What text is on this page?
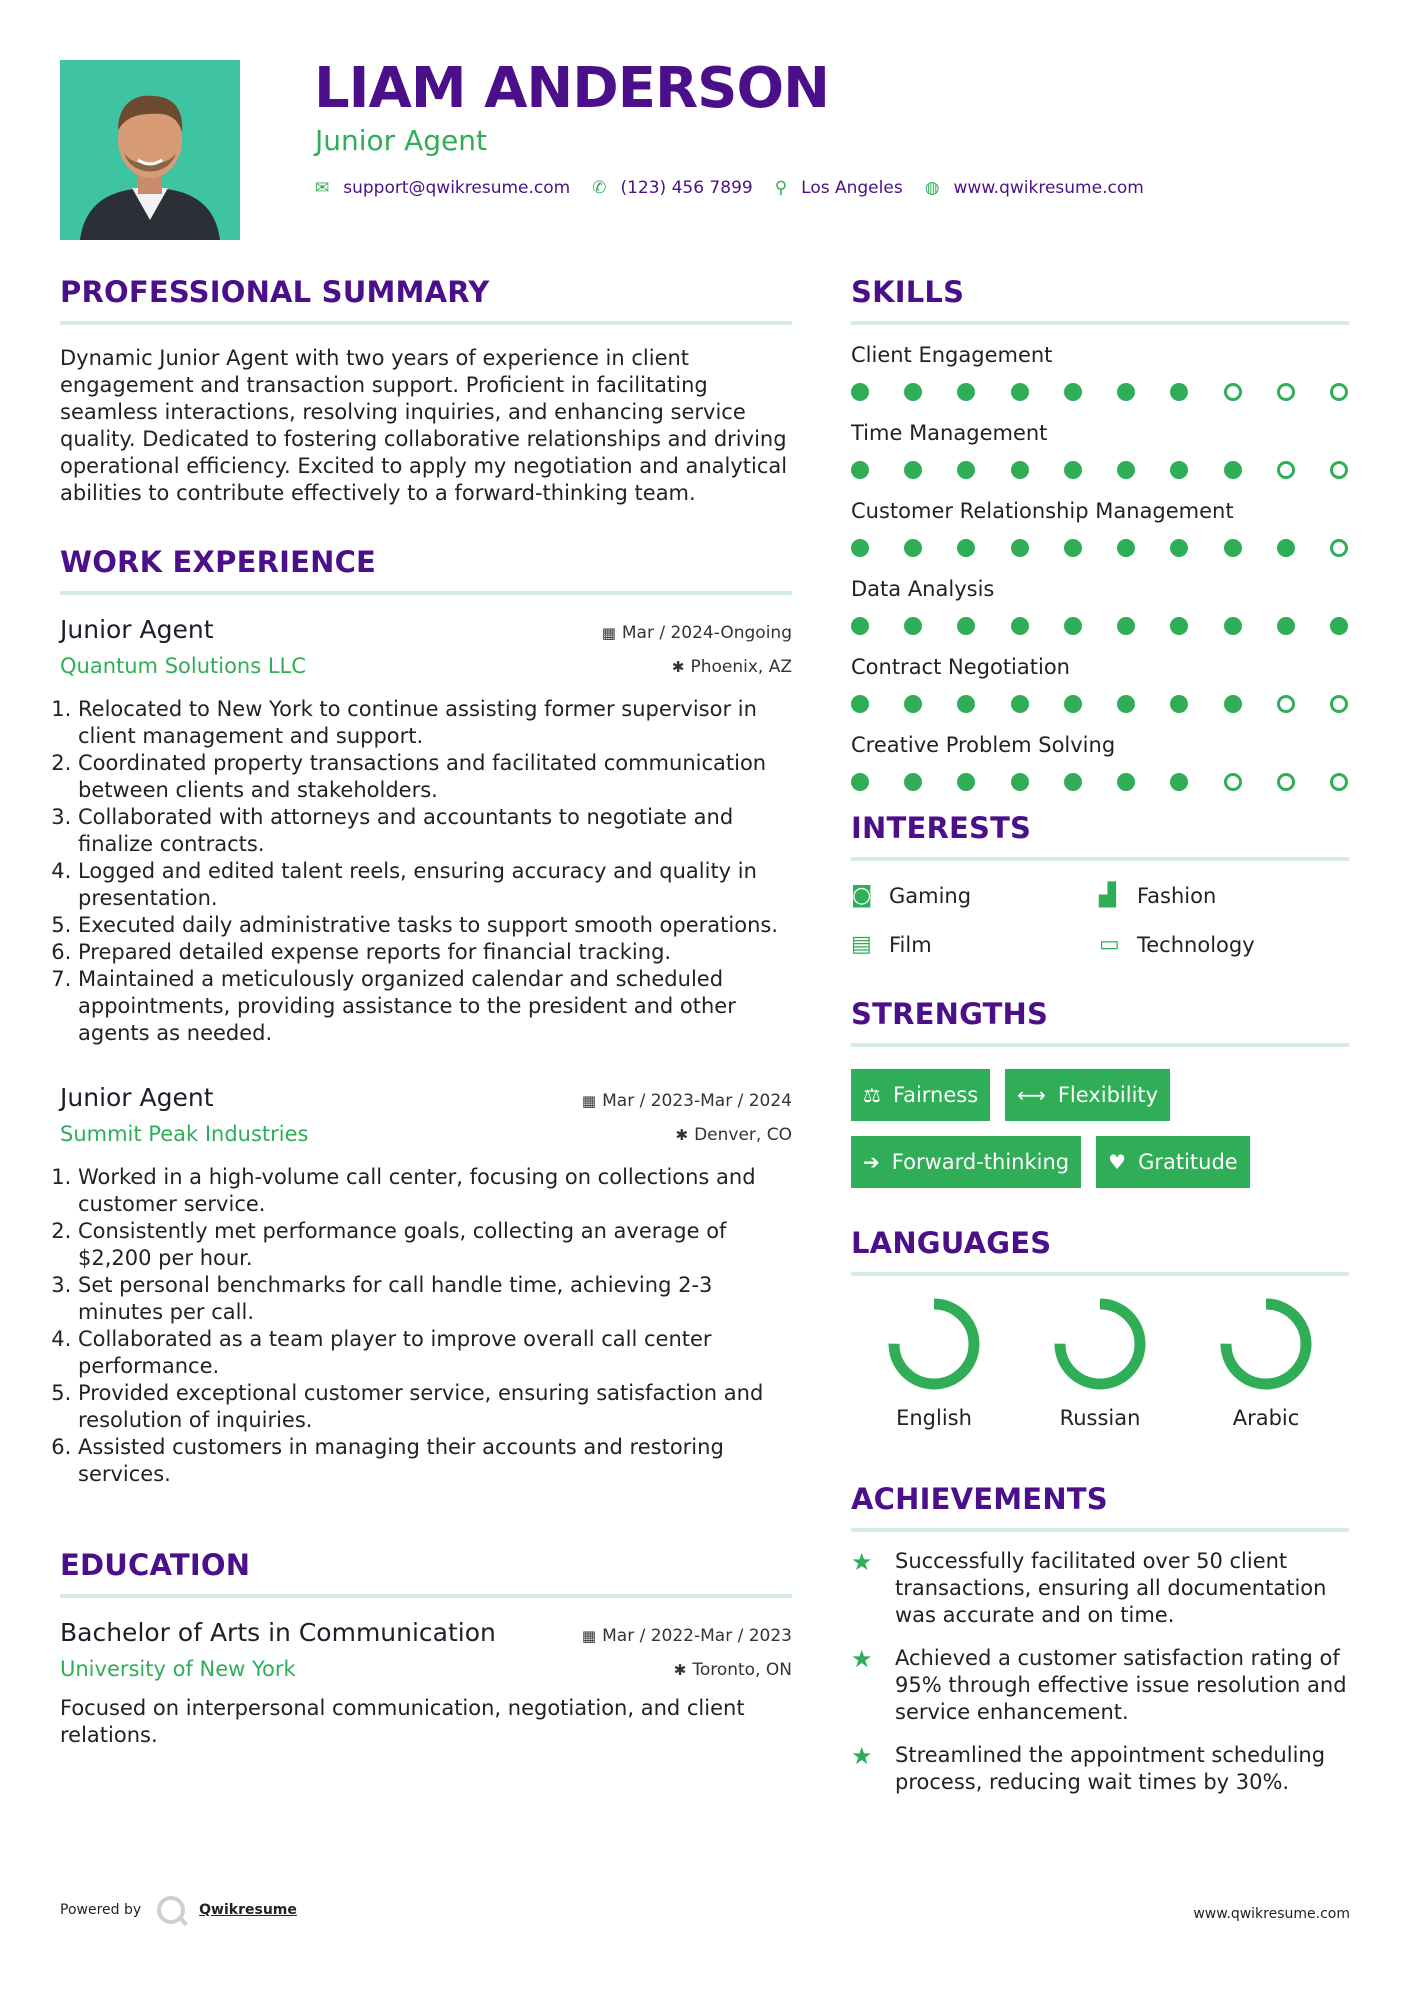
LIAM ANDERSON
Junior Agent
✉ support@qwikresume.com ✆ (123) 456 7899 ⚲ Los Angeles ◍ www.qwikresume.com
PROFESSIONAL SUMMARY
Dynamic Junior Agent with two years of experience in client engagement and transaction support. Proficient in facilitating seamless interactions, resolving inquiries, and enhancing service quality. Dedicated to fostering collaborative relationships and driving operational efficiency. Excited to apply my negotiation and analytical abilities to contribute effectively to a forward-thinking team.
WORK EXPERIENCE
Junior Agent
Quantum Solutions LLC
▦ Mar / 2024-Ongoing
✱ Phoenix, AZ
1. Relocated to New York to continue assisting former supervisor in client management and support.
2. Coordinated property transactions and facilitated communication between clients and stakeholders.
3. Collaborated with attorneys and accountants to negotiate and finalize contracts.
4. Logged and edited talent reels, ensuring accuracy and quality in presentation.
5. Executed daily administrative tasks to support smooth operations.
6. Prepared detailed expense reports for financial tracking.
7. Maintained a meticulously organized calendar and scheduled appointments, providing assistance to the president and other agents as needed.
Junior Agent
Summit Peak Industries
▦ Mar / 2023-Mar / 2024
✱ Denver, CO
1. Worked in a high-volume call center, focusing on collections and customer service.
2. Consistently met performance goals, collecting an average of $2,200 per hour.
3. Set personal benchmarks for call handle time, achieving 2-3 minutes per call.
4. Collaborated as a team player to improve overall call center performance.
5. Provided exceptional customer service, ensuring satisfaction and resolution of inquiries.
6. Assisted customers in managing their accounts and restoring services.
EDUCATION
Bachelor of Arts in Communication
University of New York
▦ Mar / 2022-Mar / 2023
✱ Toronto, ON
Focused on interpersonal communication, negotiation, and client relations.
SKILLS
Client Engagement
Time Management
Customer Relationship Management
Data Analysis
Contract Negotiation
Creative Problem Solving
INTERESTS
◙ Gaming	▟	Fashion
▤ Film	▭ Technology
STRENGTHS
⚖ Fairness ⟷ Flexibility
➔ Forward-thinking ♥ Gratitude
LANGUAGES
English	Russian	Arabic
ACHIEVEMENTS
★	Successfully facilitated over 50 client transactions, ensuring all documentation was accurate and on time.
★	Achieved a customer satisfaction rating of 95% through effective issue resolution and service enhancement.
★	Streamlined the appointment scheduling process, reducing wait times by 30%.
Powered by	Qwikresume	www.qwikresume.com
